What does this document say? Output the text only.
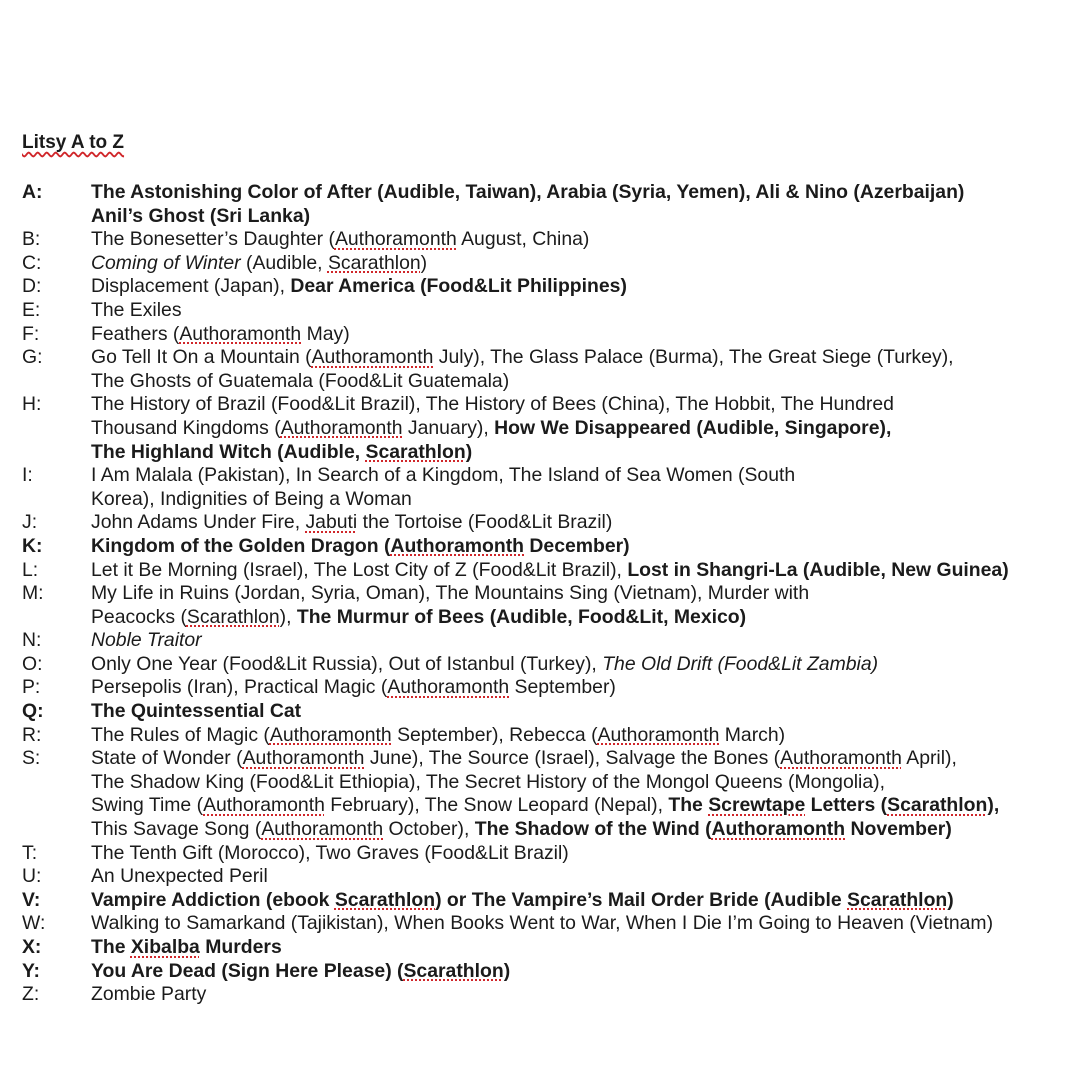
Litsy A to Z
A:	The Astonishing Color of After (Audible, Taiwan), Arabia (Syria, Yemen), Ali & Nino (Azerbaijan)
Anil’s Ghost (Sri Lanka)
B:	The Bonesetter’s Daughter (Authoramonth August, China)
C:	Coming of Winter (Audible, Scarathlon)
D:	Displacement (Japan), Dear America (Food&Lit Philippines)
E:	The Exiles
F:	Feathers (Authoramonth May)
G:	Go Tell It On a Mountain (Authoramonth July), The Glass Palace (Burma), The Great Siege (Turkey),
The Ghosts of Guatemala (Food&Lit Guatemala)
H:	The History of Brazil (Food&Lit Brazil), The History of Bees (China), The Hobbit, The Hundred
Thousand Kingdoms (Authoramonth January), How We Disappeared (Audible, Singapore),
The Highland Witch (Audible, Scarathlon)
I:	I Am Malala (Pakistan), In Search of a Kingdom, The Island of Sea Women (South
Korea), Indignities of Being a Woman
J:	John Adams Under Fire, Jabuti the Tortoise (Food&Lit Brazil)
K:	Kingdom of the Golden Dragon (Authoramonth December)
L:	Let it Be Morning (Israel), The Lost City of Z (Food&Lit Brazil), Lost in Shangri-La (Audible, New Guinea)
M: My Life in Ruins (Jordan, Syria, Oman), The Mountains Sing (Vietnam), Murder with
Peacocks (Scarathlon), The Murmur of Bees (Audible, Food&Lit, Mexico)
N:	Noble Traitor
O:	Only One Year (Food&Lit Russia), Out of Istanbul (Turkey), The Old Drift (Food&Lit Zambia)
P:	Persepolis (Iran), Practical Magic (Authoramonth September)
Q: The Quintessential Cat
R:	The Rules of Magic (Authoramonth September), Rebecca (Authoramonth March)
S:	State of Wonder (Authoramonth June), The Source (Israel), Salvage the Bones (Authoramonth April),
The Shadow King (Food&Lit Ethiopia), The Secret History of the Mongol Queens (Mongolia),
Swing Time (Authoramonth February), The Snow Leopard (Nepal), The Screwtape Letters (Scarathlon),
This Savage Song (Authoramonth October), The Shadow of the Wind (Authoramonth November)
T:	The Tenth Gift (Morocco), Two Graves (Food&Lit Brazil)
U:	An Unexpected Peril
V:	Vampire Addiction (ebook Scarathlon) or The Vampire’s Mail Order Bride (Audible Scarathlon)
W: Walking to Samarkand (Tajikistan), When Books Went to War, When I Die I’m Going to Heaven (Vietnam)
X:	The Xibalba Murders
Y:	You Are Dead (Sign Here Please) (Scarathlon)
Z:	Zombie Party
